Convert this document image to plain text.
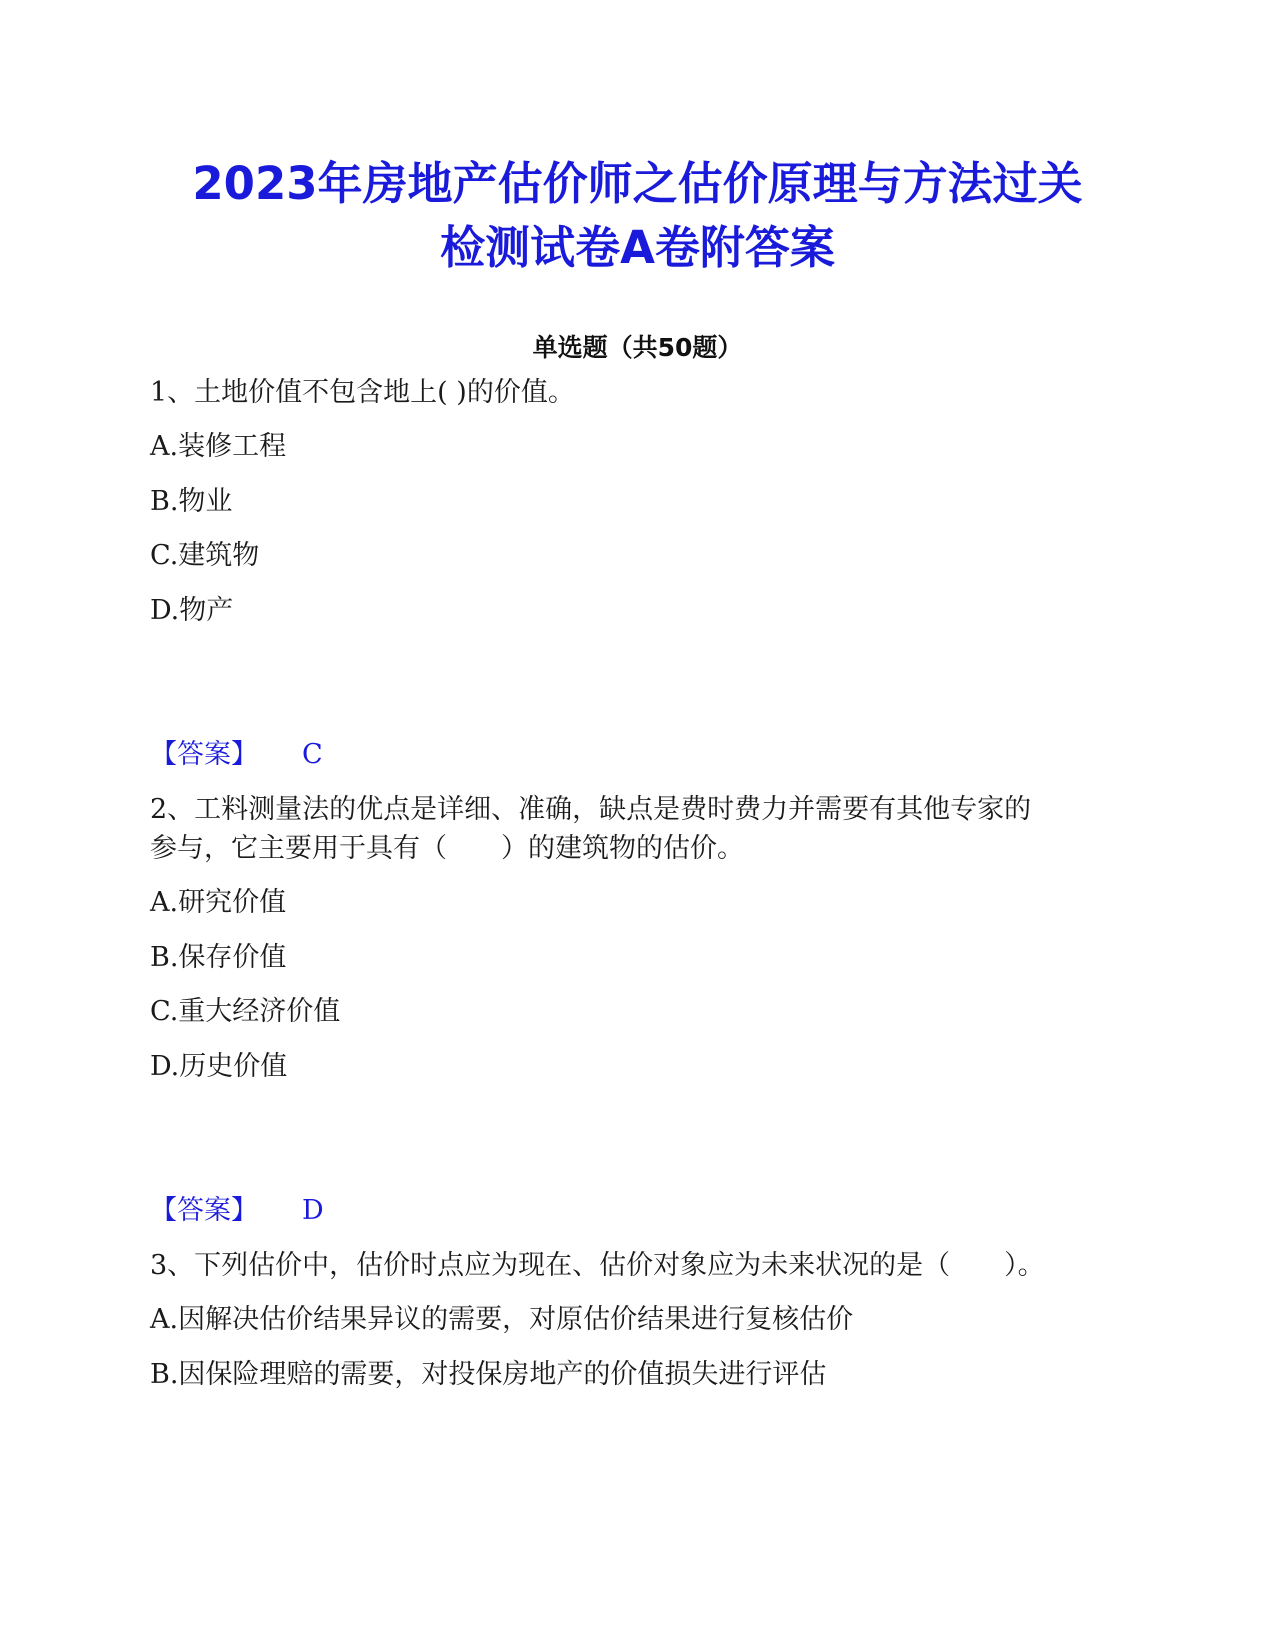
2023年房地产估价师之估价原理与方法过关
检测试卷A卷附答案
单选题（共50题）
1、土地价值不包含地上( )的价值。
A.装修工程
B.物业
C.建筑物
D.物产
【答案】 C
2、工料测量法的优点是详细、准确，缺点是费时费力并需要有其他专家的
参与，它主要用于具有（　　）的建筑物的估价。
A.研究价值
B.保存价值
C.重大经济价值
D.历史价值
【答案】 D
3、下列估价中，估价时点应为现在、估价对象应为未来状况的是（　　）。
A.因解决估价结果异议的需要，对原估价结果进行复核估价
B.因保险理赔的需要，对投保房地产的价值损失进行评估
